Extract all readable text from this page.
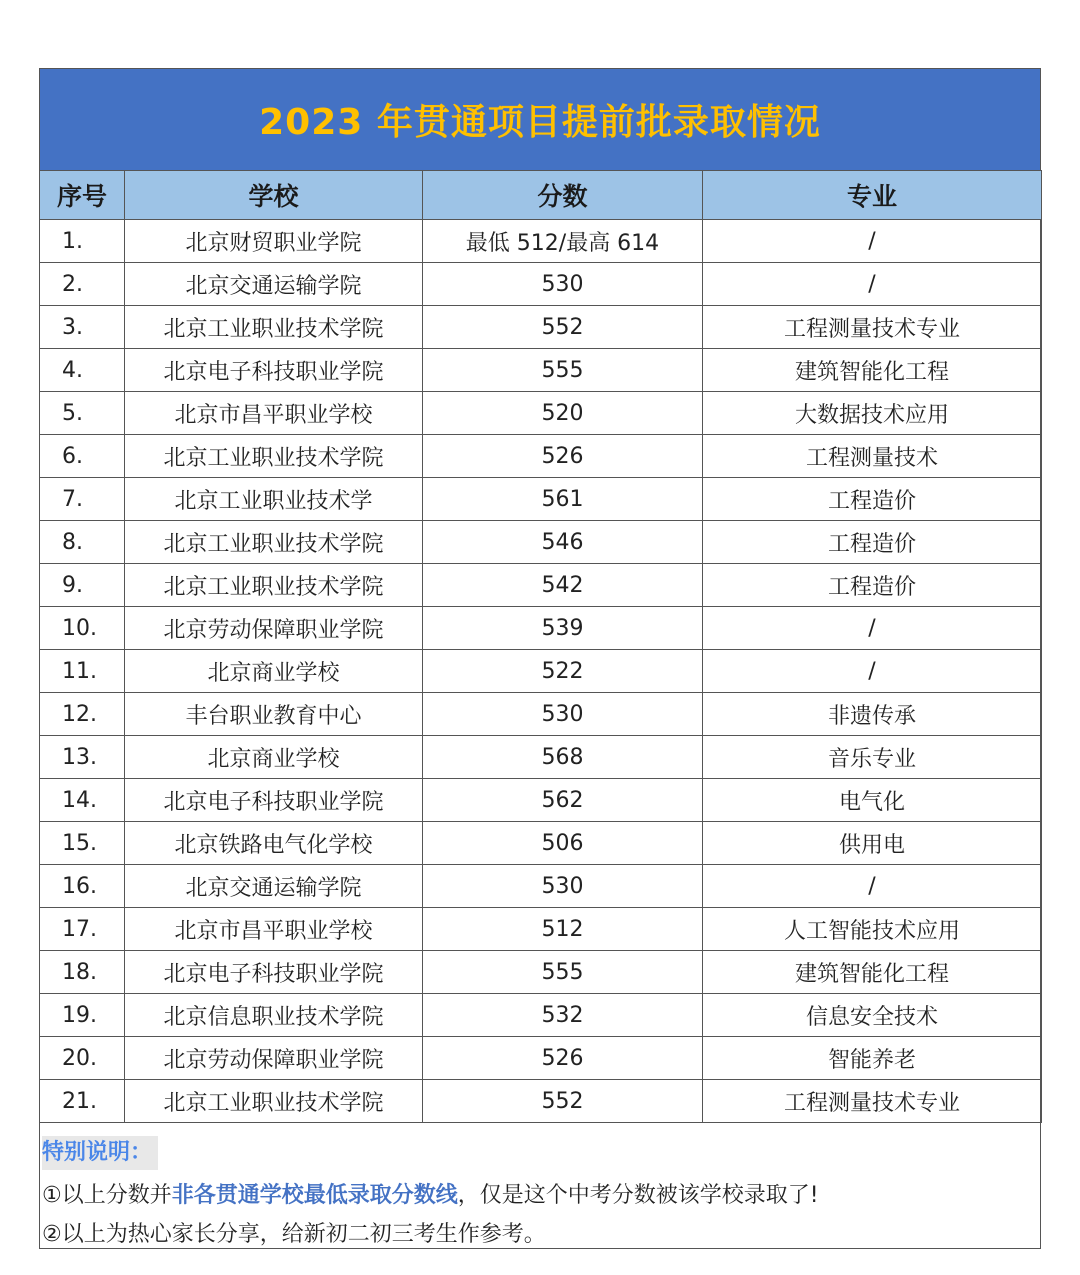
2023 年贯通项目提前批录取情况
序号	学校	分数	专业
1.	北京财贸职业学院	最低 512/最高 614	/
2.	北京交通运输学院	530	/
3.	北京工业职业技术学院	552	工程测量技术专业
4.	北京电子科技职业学院	555	建筑智能化工程
5.	北京市昌平职业学校	520	大数据技术应用
6.	北京工业职业技术学院	526	工程测量技术
7.	北京工业职业技术学	561	工程造价
8.	北京工业职业技术学院	546	工程造价
9.	北京工业职业技术学院	542	工程造价
10.	北京劳动保障职业学院	539	/
11.	北京商业学校	522	/
12.	丰台职业教育中心	530	非遗传承
13.	北京商业学校	568	音乐专业
14.	北京电子科技职业学院	562	电气化
15.	北京铁路电气化学校	506	供用电
16.	北京交通运输学院	530	/
17.	北京市昌平职业学校	512	人工智能技术应用
18.	北京电子科技职业学院	555	建筑智能化工程
19.	北京信息职业技术学院	532	信息安全技术
20.	北京劳动保障职业学院	526	智能养老
21.	北京工业职业技术学院	552	工程测量技术专业
特别说明：
①以上分数并非各贯通学校最低录取分数线，仅是这个中考分数被该学校录取了!
②以上为热心家长分享，给新初二初三考生作参考。
